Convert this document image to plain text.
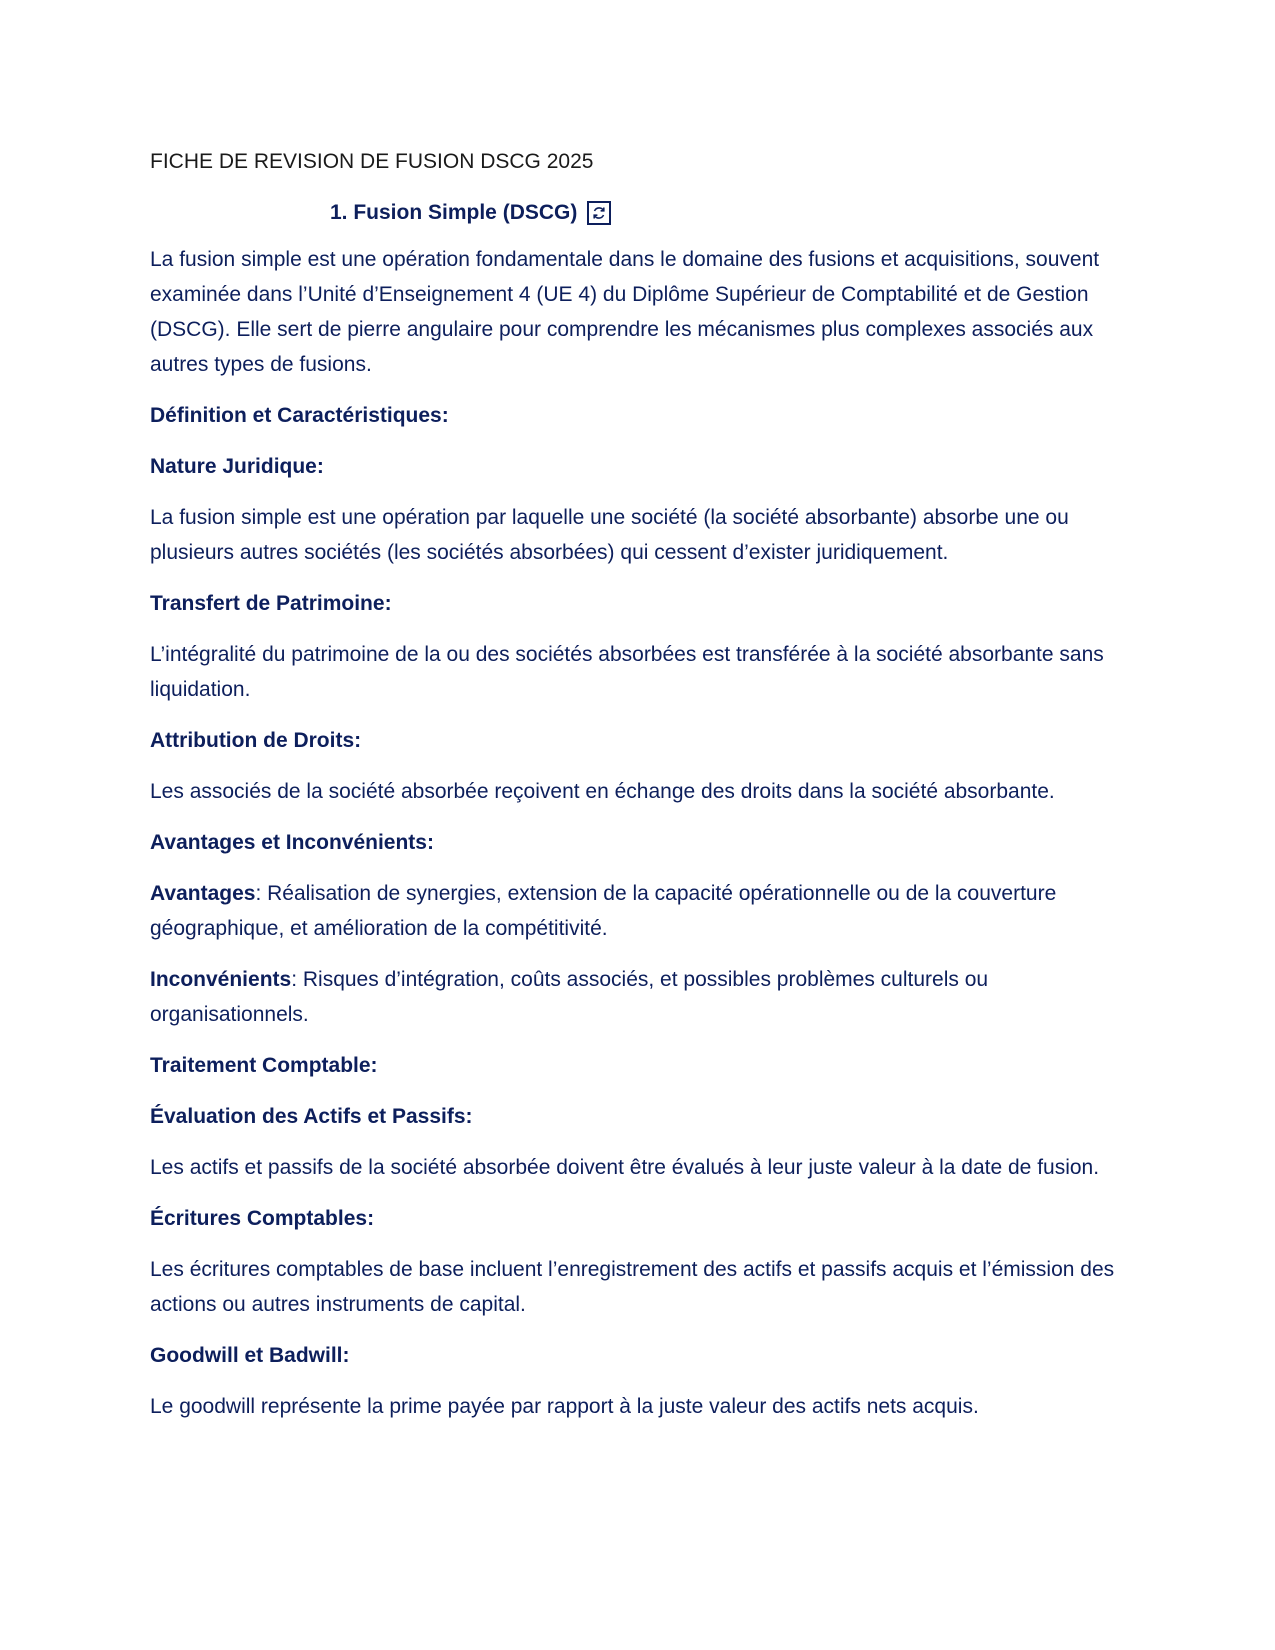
FICHE DE REVISION DE FUSION DSCG 2025
1. Fusion Simple (DSCG)

La fusion simple est une opération fondamentale dans le domaine des fusions et acquisitions, souvent examinée dans l’Unité d’Enseignement 4 (UE 4) du Diplôme Supérieur de Comptabilité et de Gestion (DSCG). Elle sert de pierre angulaire pour comprendre les mécanismes plus complexes associés aux autres types de fusions.

Définition et Caractéristiques:

Nature Juridique:

La fusion simple est une opération par laquelle une société (la société absorbante) absorbe une ou plusieurs autres sociétés (les sociétés absorbées) qui cessent d’exister juridiquement.

Transfert de Patrimoine:

L’intégralité du patrimoine de la ou des sociétés absorbées est transférée à la société absorbante sans liquidation.

Attribution de Droits:

Les associés de la société absorbée reçoivent en échange des droits dans la société absorbante.

Avantages et Inconvénients:

Avantages: Réalisation de synergies, extension de la capacité opérationnelle ou de la couverture géographique, et amélioration de la compétitivité.

Inconvénients: Risques d’intégration, coûts associés, et possibles problèmes culturels ou organisationnels.

Traitement Comptable:

Évaluation des Actifs et Passifs:

Les actifs et passifs de la société absorbée doivent être évalués à leur juste valeur à la date de fusion.

Écritures Comptables:

Les écritures comptables de base incluent l’enregistrement des actifs et passifs acquis et l’émission des actions ou autres instruments de capital.

Goodwill et Badwill:

Le goodwill représente la prime payée par rapport à la juste valeur des actifs nets acquis.
